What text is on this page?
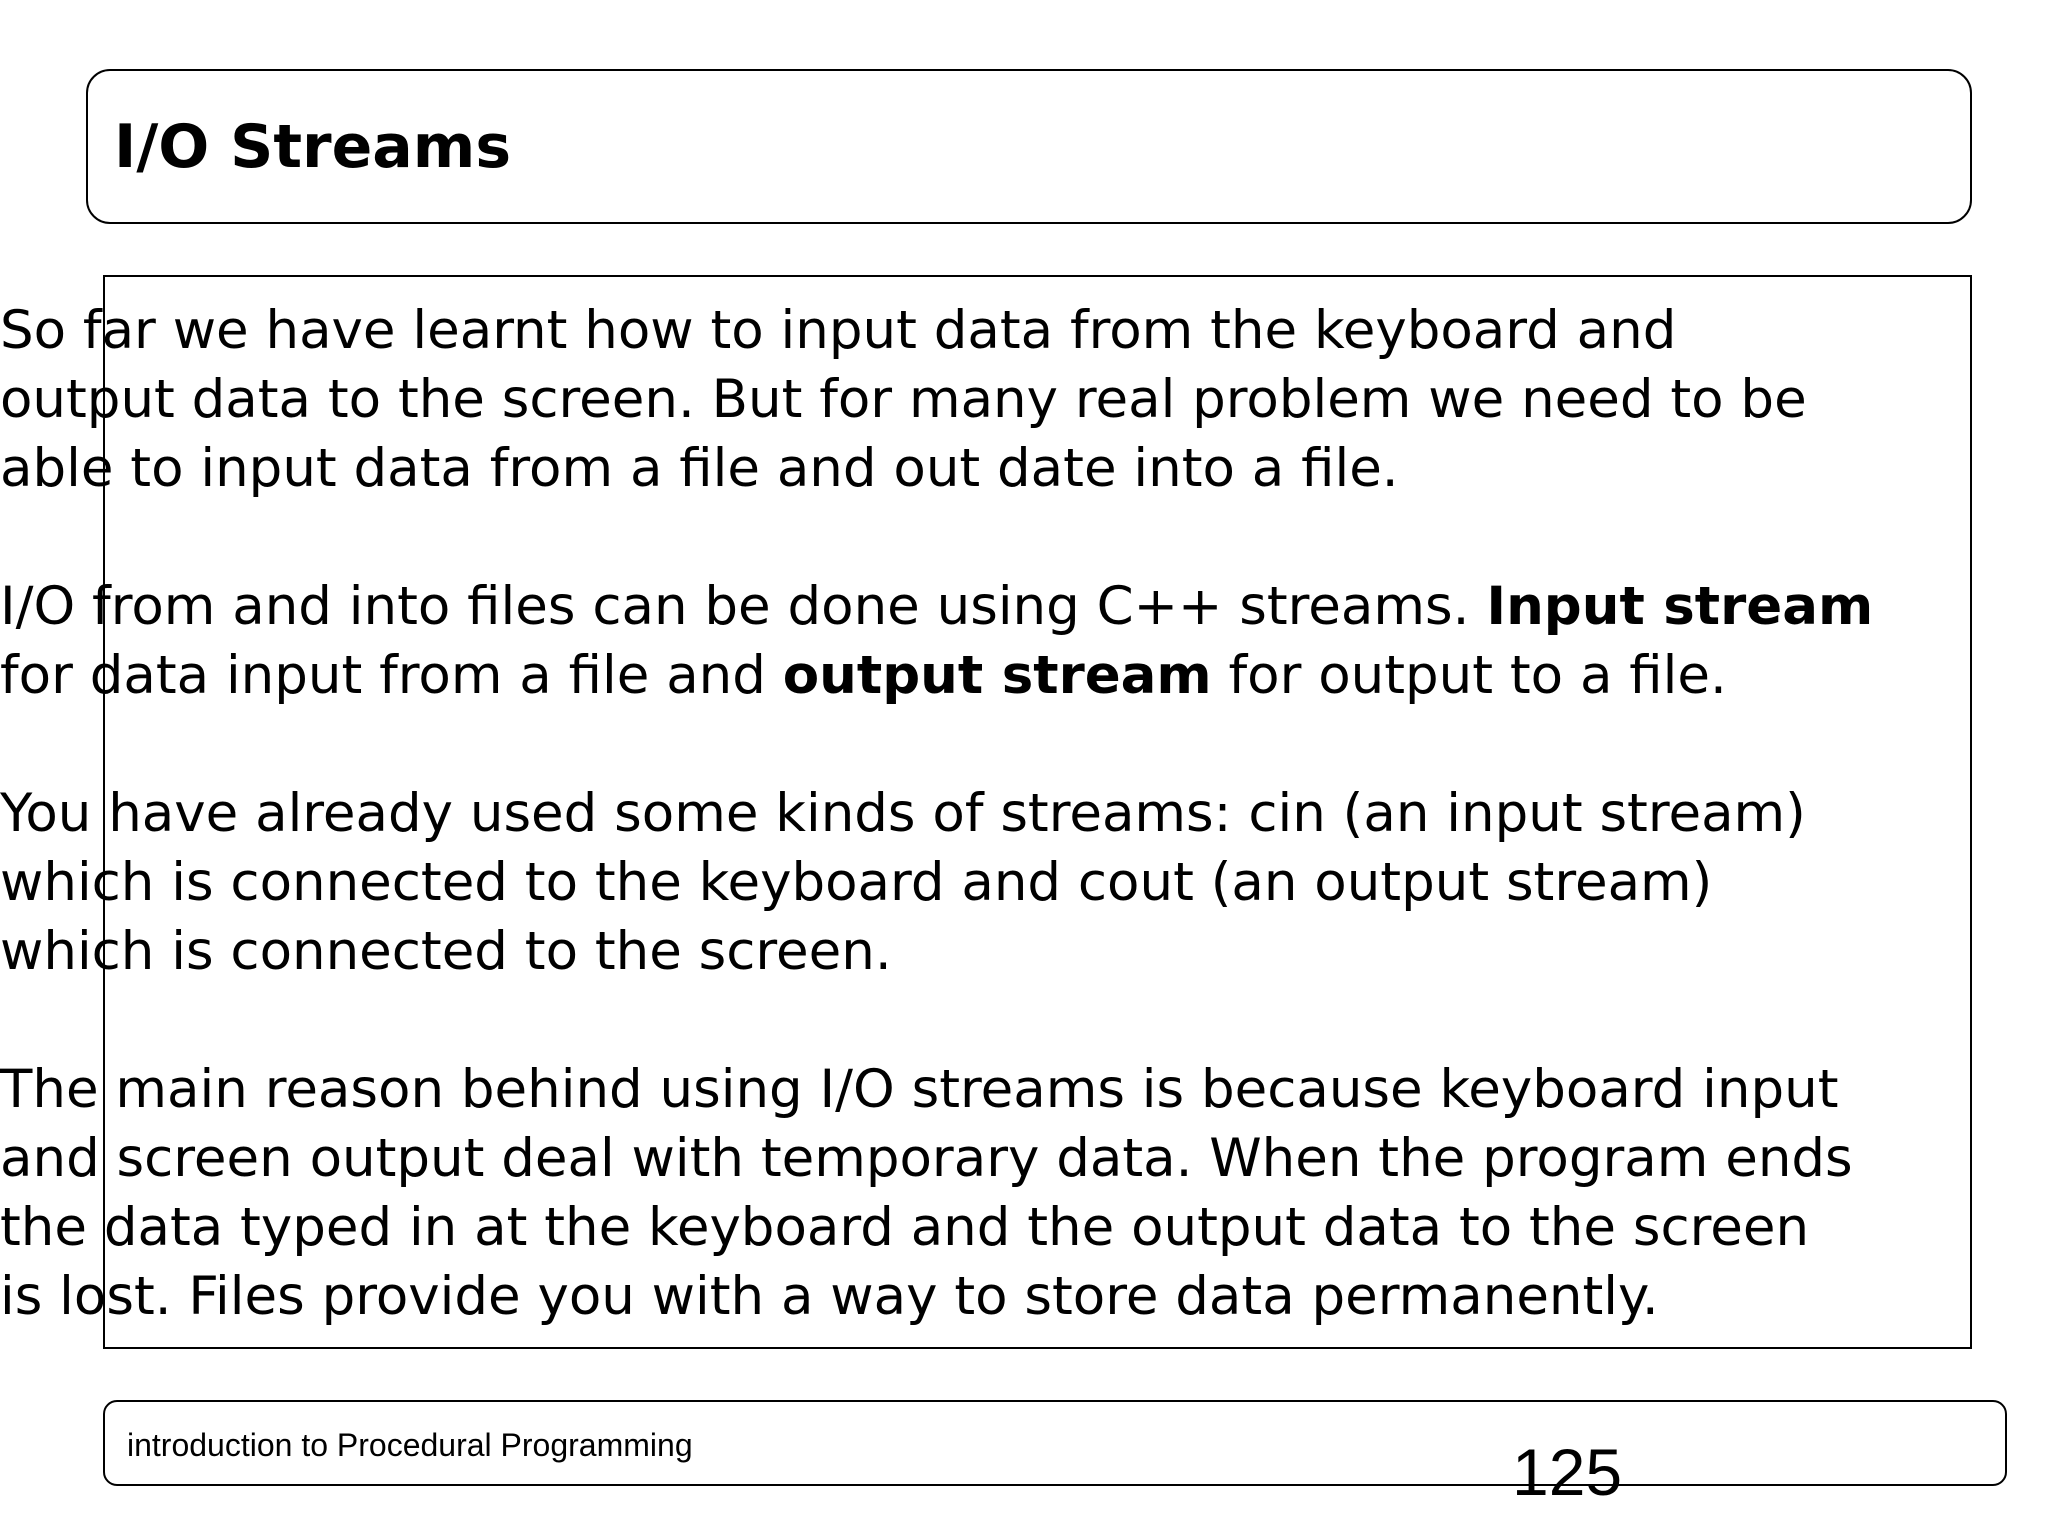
I/O Streams

So far we have learnt how to input data from the keyboard and
output data to the screen. But for many real problem we need to be
able to input data from a file and out date into a file.

I/O from and into files can be done using C++ streams. Input stream
for data input from a file and output stream for output to a file.

You have already used some kinds of streams: cin (an input stream)
which is connected to the keyboard and cout (an output stream)
which is connected to the screen.

The main reason behind using I/O streams is because keyboard input
and screen output deal with temporary data. When the program ends
the data typed in at the keyboard and the output data to the screen
is lost. Files provide you with a way to store data permanently.

introduction to Procedural Programming	125
